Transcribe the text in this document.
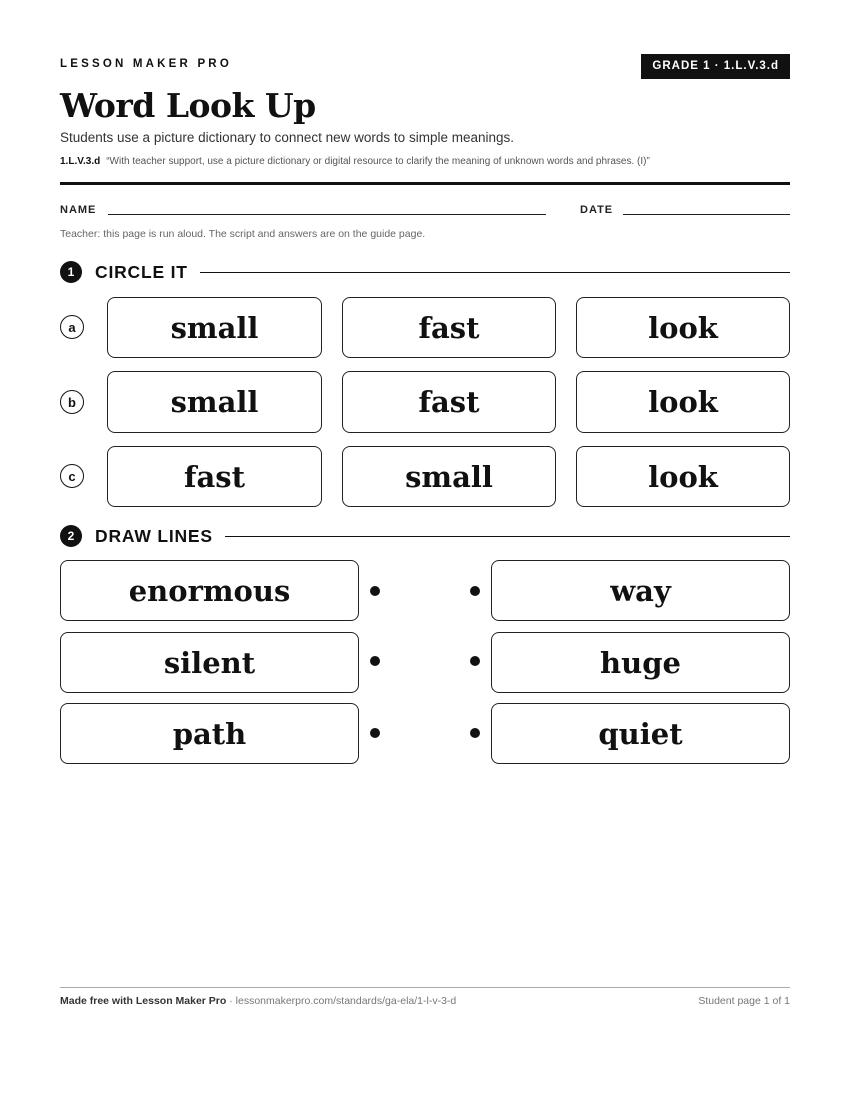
LESSON MAKER PRO	GRADE 1 · 1.L.V.3.d
Word Look Up
Students use a picture dictionary to connect new words to simple meanings.
1.L.V.3.d “With teacher support, use a picture dictionary or digital resource to clarify the meaning of unknown words and phrases. (I)”
NAME	DATE
Teacher: this page is run aloud. The script and answers are on the guide page.
1	CIRCLE IT
a	small	fast	look
b	small	fast	look
c	fast	small	look
2	DRAW LINES
enormous	way
silent	huge
path	quiet
Made free with Lesson Maker Pro · lessonmakerpro.com/standards/ga-ela/1-l-v-3-d	Student page 1 of 1
